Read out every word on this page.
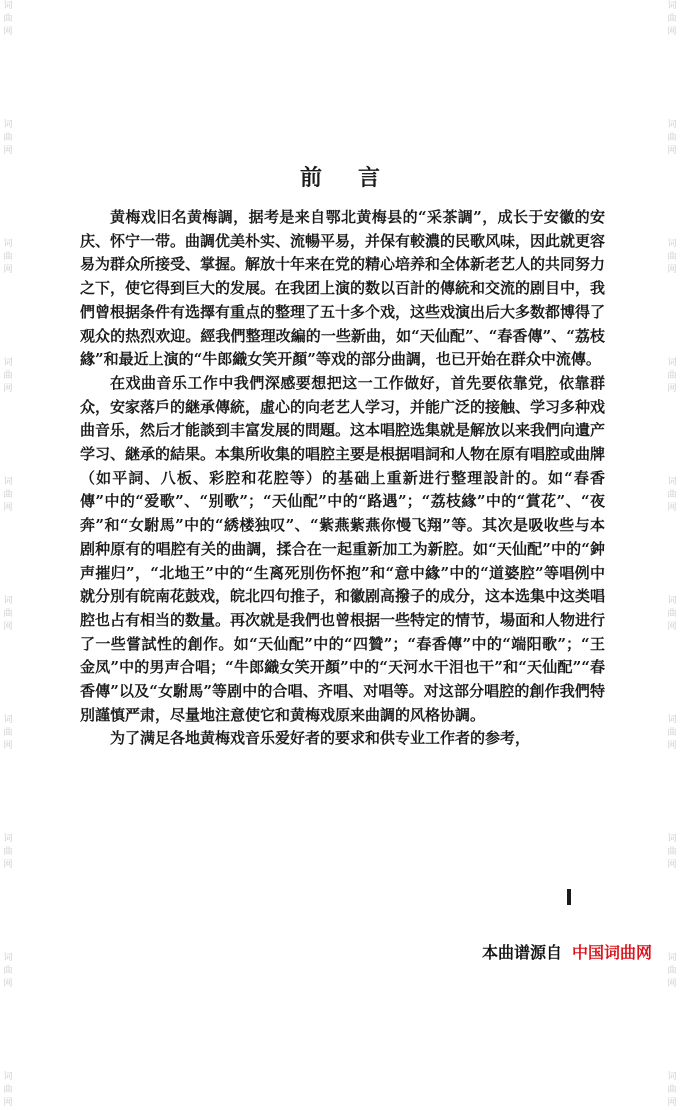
词
曲
网
词
曲
网
词
曲
网
词
曲
网
词
曲
网
词
曲
网
词
曲
网
词
曲
网
词
曲
网
词
曲
网
词
曲
网
词
曲
网
词
曲
网
词
曲
网
词
曲
网
词
曲
网
词
曲
网
词
曲
网
词
曲
网
词
曲
网
前言

黄梅戏旧名黄梅調，据考是来自鄂北黄梅县的“采茶調”，成长于安徽的安庆、怀宁一带。曲調优美朴实、流暢平易，并保有較濃的民歌风味，因此就更容易为群众所接受、掌握。解放十年来在党的精心培养和全体新老艺人的共同努力之下，使它得到巨大的发展。在我团上演的数以百計的傳統和交流的剧目中，我們曾根据条件有选擇有重点的整理了五十多个戏，这些戏演出后大多数都博得了观众的热烈欢迎。經我們整理改編的一些新曲，如“天仙配”、“春香傳”、“荔枝緣”和最近上演的“牛郎織女笑开顏”等戏的部分曲調，也已开始在群众中流傳。

在戏曲音乐工作中我們深感要想把这一工作做好，首先要依靠党，依靠群众，安家落戶的継承傳統，虛心的向老艺人学习，并能广泛的接触、学习多种戏曲音乐，然后才能談到丰富发展的問題。这本唱腔选集就是解放以来我們向遺产学习、継承的結果。本集所收集的唱腔主要是根据唱詞和人物在原有唱腔或曲牌（如平詞、八板、彩腔和花腔等）的基础上重新进行整理設計的。如“春香傳”中的“爱歌”、“别歌”；“天仙配”中的“路遇”；“荔枝緣”中的“賞花”、“夜奔”和“女駙馬”中的“綉楼独叹”、“紫燕紫燕你慢飞翔”等。其次是吸收些与本剧种原有的唱腔有关的曲調，揉合在一起重新加工为新腔。如“天仙配”中的“鈡声摧归”，“北地王”中的“生离死別伤怀抱”和“意中緣”中的“道婆腔”等唱例中就分別有皖南花鼓戏，皖北四句推子，和徽剧高撥子的成分，这本选集中这类唱腔也占有相当的数量。再次就是我們也曾根据一些特定的情节，場面和人物进行了一些嘗試性的創作。如“天仙配”中的“四贊”；“春香傳”中的“端阳歌”；“王金凤”中的男声合唱；“牛郎織女笑开顏”中的“天河水干泪也干”和“天仙配”“春香傳”以及“女駙馬”等剧中的合唱、齐唱、对唱等。对这部分唱腔的創作我們特別謹慎严肃，尽量地注意使它和黄梅戏原来曲調的风格协調。

为了满足各地黄梅戏音乐爱好者的要求和供专业工作者的参考，

本曲谱源自 中国词曲网
